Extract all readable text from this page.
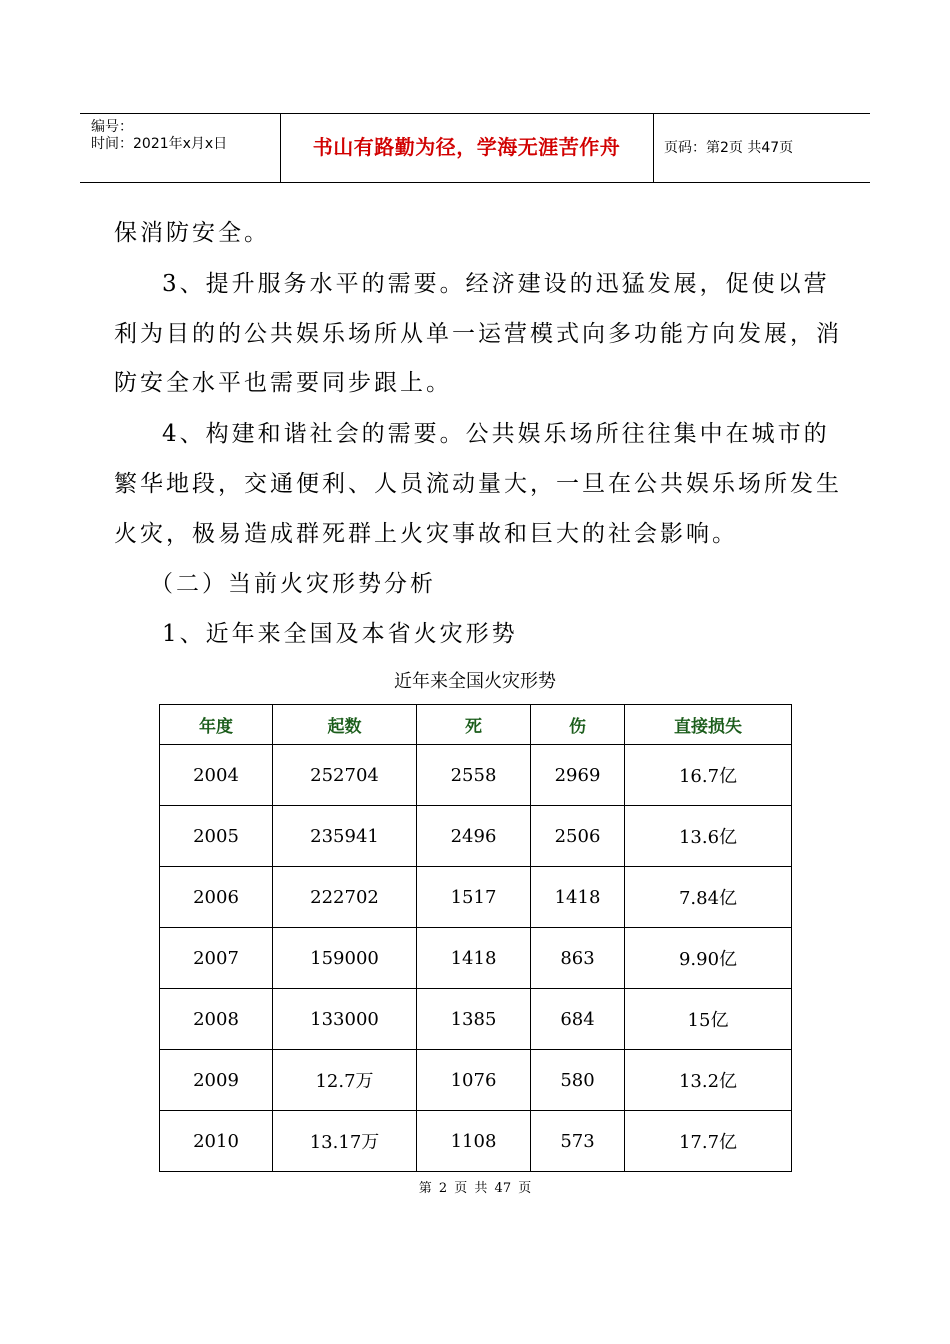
编号：
时间：2021年x月x日	书山有路勤为径，学海无涯苦作舟	页码：第2页 共47页
保消防安全。
3、提升服务水平的需要。经济建设的迅猛发展，促使以营
利为目的的公共娱乐场所从单一运营模式向多功能方向发展，消
防安全水平也需要同步跟上。
4、构建和谐社会的需要。公共娱乐场所往往集中在城市的
繁华地段，交通便利、人员流动量大，一旦在公共娱乐场所发生
火灾，极易造成群死群上火灾事故和巨大的社会影响。
（二）当前火灾形势分析
1、近年来全国及本省火灾形势
近年来全国火灾形势
年度	起数	死	伤	直接损失
2004	252704	2558	2969	16.7亿
2005	235941	2496	2506	13.6亿
2006	222702	1517	1418	7.84亿
2007	159000	1418	863	9.90亿
2008	133000	1385	684	15亿
2009	12.7万	1076	580	13.2亿
2010	13.17万	1108	573	17.7亿
第 2 页 共 47 页
